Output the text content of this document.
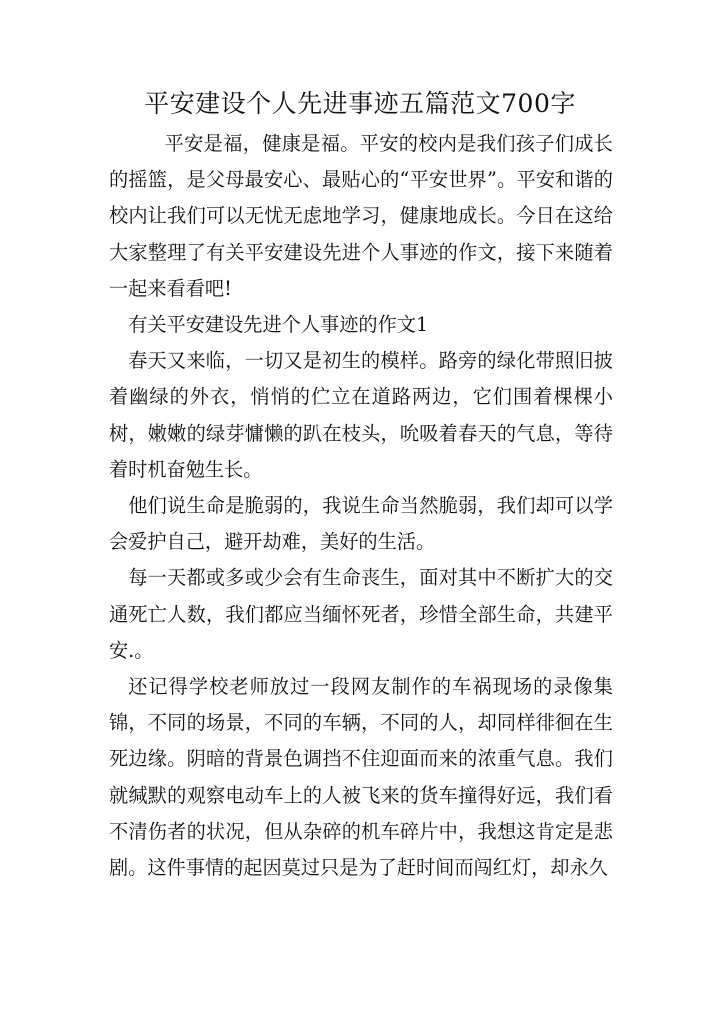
平安建设个人先进事迹五篇范文700字

平安是福，健康是福。平安的校内是我们孩子们成长的摇篮，是父母最安心、最贴心的“平安世界”。平安和谐的校内让我们可以无忧无虑地学习，健康地成长。今日在这给大家整理了有关平安建设先进个人事迹的作文，接下来随着一起来看看吧!

有关平安建设先进个人事迹的作文1

春天又来临，一切又是初生的模样。路旁的绿化带照旧披着幽绿的外衣，悄悄的伫立在道路两边，它们围着棵棵小树，嫩嫩的绿芽慵懒的趴在枝头，吮吸着春天的气息，等待着时机奋勉生长。

他们说生命是脆弱的，我说生命当然脆弱，我们却可以学会爱护自己，避开劫难，美好的生活。

每一天都或多或少会有生命丧生，面对其中不断扩大的交通死亡人数，我们都应当缅怀死者，珍惜全部生命，共建平安.。

还记得学校老师放过一段网友制作的车祸现场的录像集锦，不同的场景，不同的车辆，不同的人，却同样徘徊在生死边缘。阴暗的背景色调挡不住迎面而来的浓重气息。我们就缄默的观察电动车上的人被飞来的货车撞得好远，我们看不清伤者的状况，但从杂碎的机车碎片中，我想这肯定是悲剧。这件事情的起因莫过只是为了赶时间而闯红灯，却永久
